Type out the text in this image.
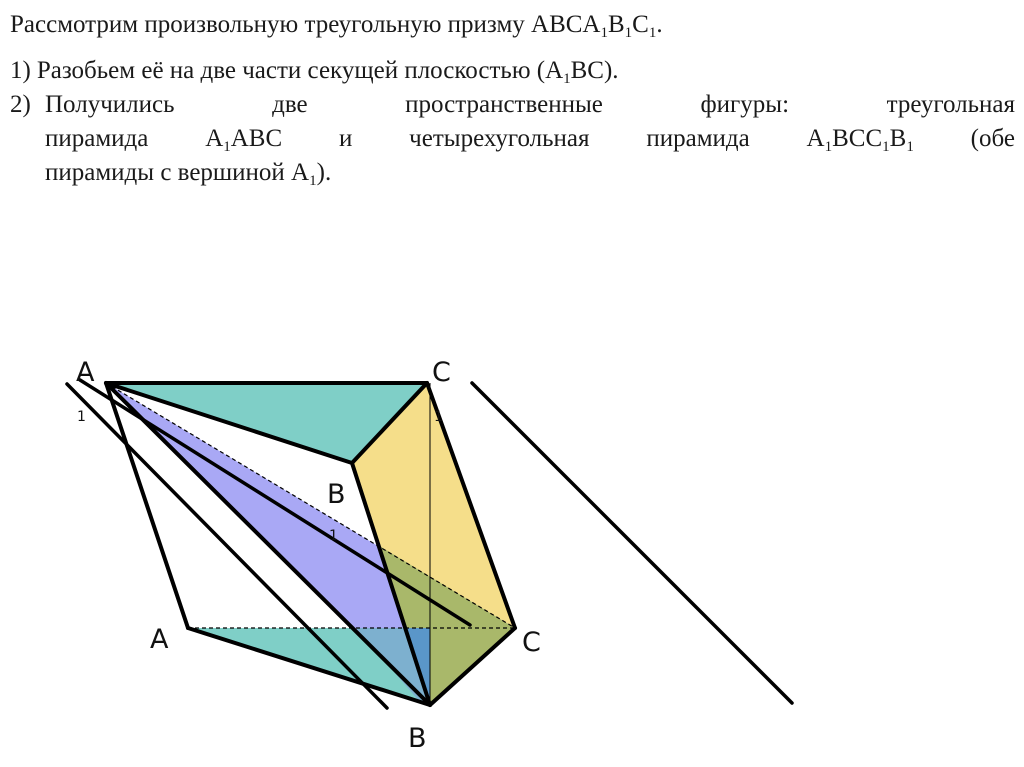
Рассмотрим произвольную треугольную призму $ABCA_1B_1C_1$.
1) Разобьем её на две части секущей плоскостью $(A_1BC)$.
2) Получились	две	пространственные	фигуры:	треугольная
пирамида $A_1ABC$ и четырехугольная пирамида $A_1BCC_1B_1$ (обе
пирамиды с вершиной $A_1$).
A
1
C
1
B
1
A	C
B
